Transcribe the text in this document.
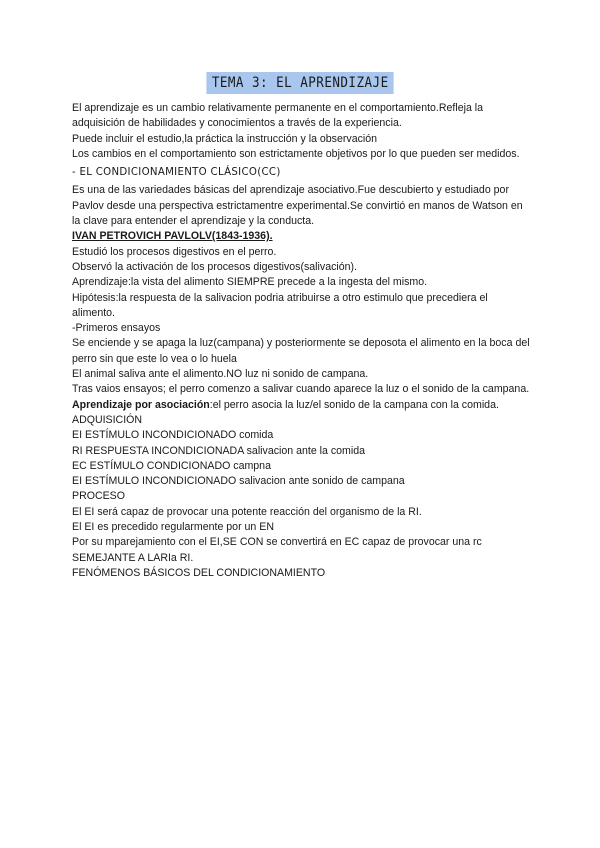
TEMA 3: EL APRENDIZAJE

El aprendizaje es un cambio relativamente permanente en el comportamiento.Refleja la adquisición de habilidades y conocimientos a través de la experiencia.

Puede incluir el estudio,la práctica la instrucción y la observación

Los cambios en el comportamiento son estrictamente objetivos por lo que pueden ser medidos.

- EL CONDICIONAMIENTO CLÁSICO(CC)

Es una de las variedades básicas del aprendizaje asociativo.Fue descubierto y estudiado por Pavlov desde una perspectiva estrictamentre experimental.Se convirtió en manos de Watson en la clave para entender el aprendizaje y la conducta.

IVAN PETROVICH PAVLOLV(1843-1936).

Estudió los procesos digestivos en el perro.

Observó la activación de los procesos digestivos(salivación).

Aprendizaje:la vista del alimento SIEMPRE precede a la ingesta del mismo.

Hipótesis:la respuesta de la salivacion podria atribuirse a otro estimulo que precediera el alimento.

-Primeros ensayos

Se enciende y se apaga la luz(campana) y posteriormente se deposota el alimento en la boca del perro sin que este lo vea o lo huela

El animal saliva ante el alimento.NO luz ni sonido de campana.

Tras vaios ensayos; el perro comenzo a salivar cuando aparece la luz o el sonido de la campana.

Aprendizaje por asociación:el perro asocia la luz/el sonido de la campana con la comida.

ADQUISICIÓN

EI ESTÍMULO INCONDICIONADO comida

RI RESPUESTA INCONDICIONADA salivacion ante la comida

EC ESTÍMULO CONDICIONADO campna

EI ESTÍMULO INCONDICIONADO salivacion ante sonido de campana

PROCESO

El EI será capaz de provocar una potente reacción del organismo de la RI.

El EI es precedido regularmente por un EN

Por su mparejamiento con el EI,SE CON se convertirá en EC capaz de provocar una rc SEMEJANTE A LARIa RI.

FENÓMENOS BÁSICOS DEL CONDICIONAMIENTO
